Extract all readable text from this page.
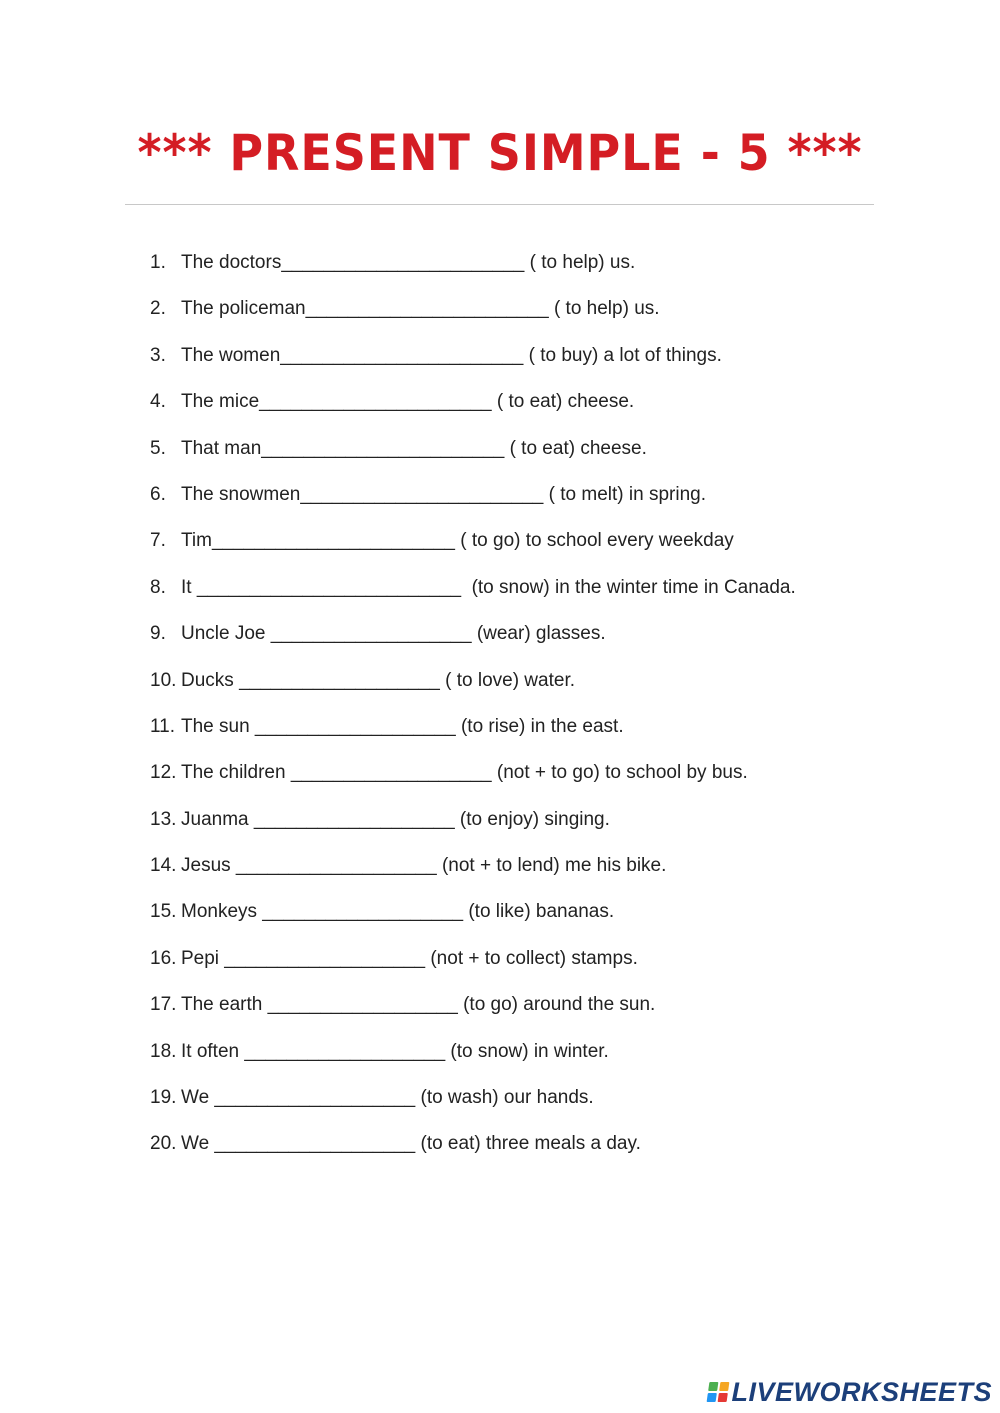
*** PRESENT SIMPLE - 5 ***
1. The doctors_______________________ ( to help) us.
2. The policeman_______________________ ( to help) us.
3. The women_______________________ ( to buy) a lot of things.
4. The mice______________________ ( to eat) cheese.
5. That man_______________________ ( to eat) cheese.
6. The snowmen_______________________ ( to melt) in spring.
7. Tim_______________________ ( to go) to school every weekday
8. It _________________________  (to snow) in the winter time in Canada.
9. Uncle Joe ___________________ (wear) glasses.
10. Ducks ___________________ ( to love) water.
11. The sun ___________________ (to rise) in the east.
12. The children ___________________ (not + to go) to school by bus.
13. Juanma ___________________ (to enjoy) singing.
14. Jesus ___________________ (not + to lend) me his bike.
15. Monkeys ___________________ (to like) bananas.
16. Pepi ___________________ (not + to collect) stamps.
17. The earth __________________ (to go) around the sun.
18. It often ___________________ (to snow) in winter.
19. We ___________________ (to wash) our hands.
20. We ___________________ (to eat) three meals a day.
LIVEWORKSHEETS
